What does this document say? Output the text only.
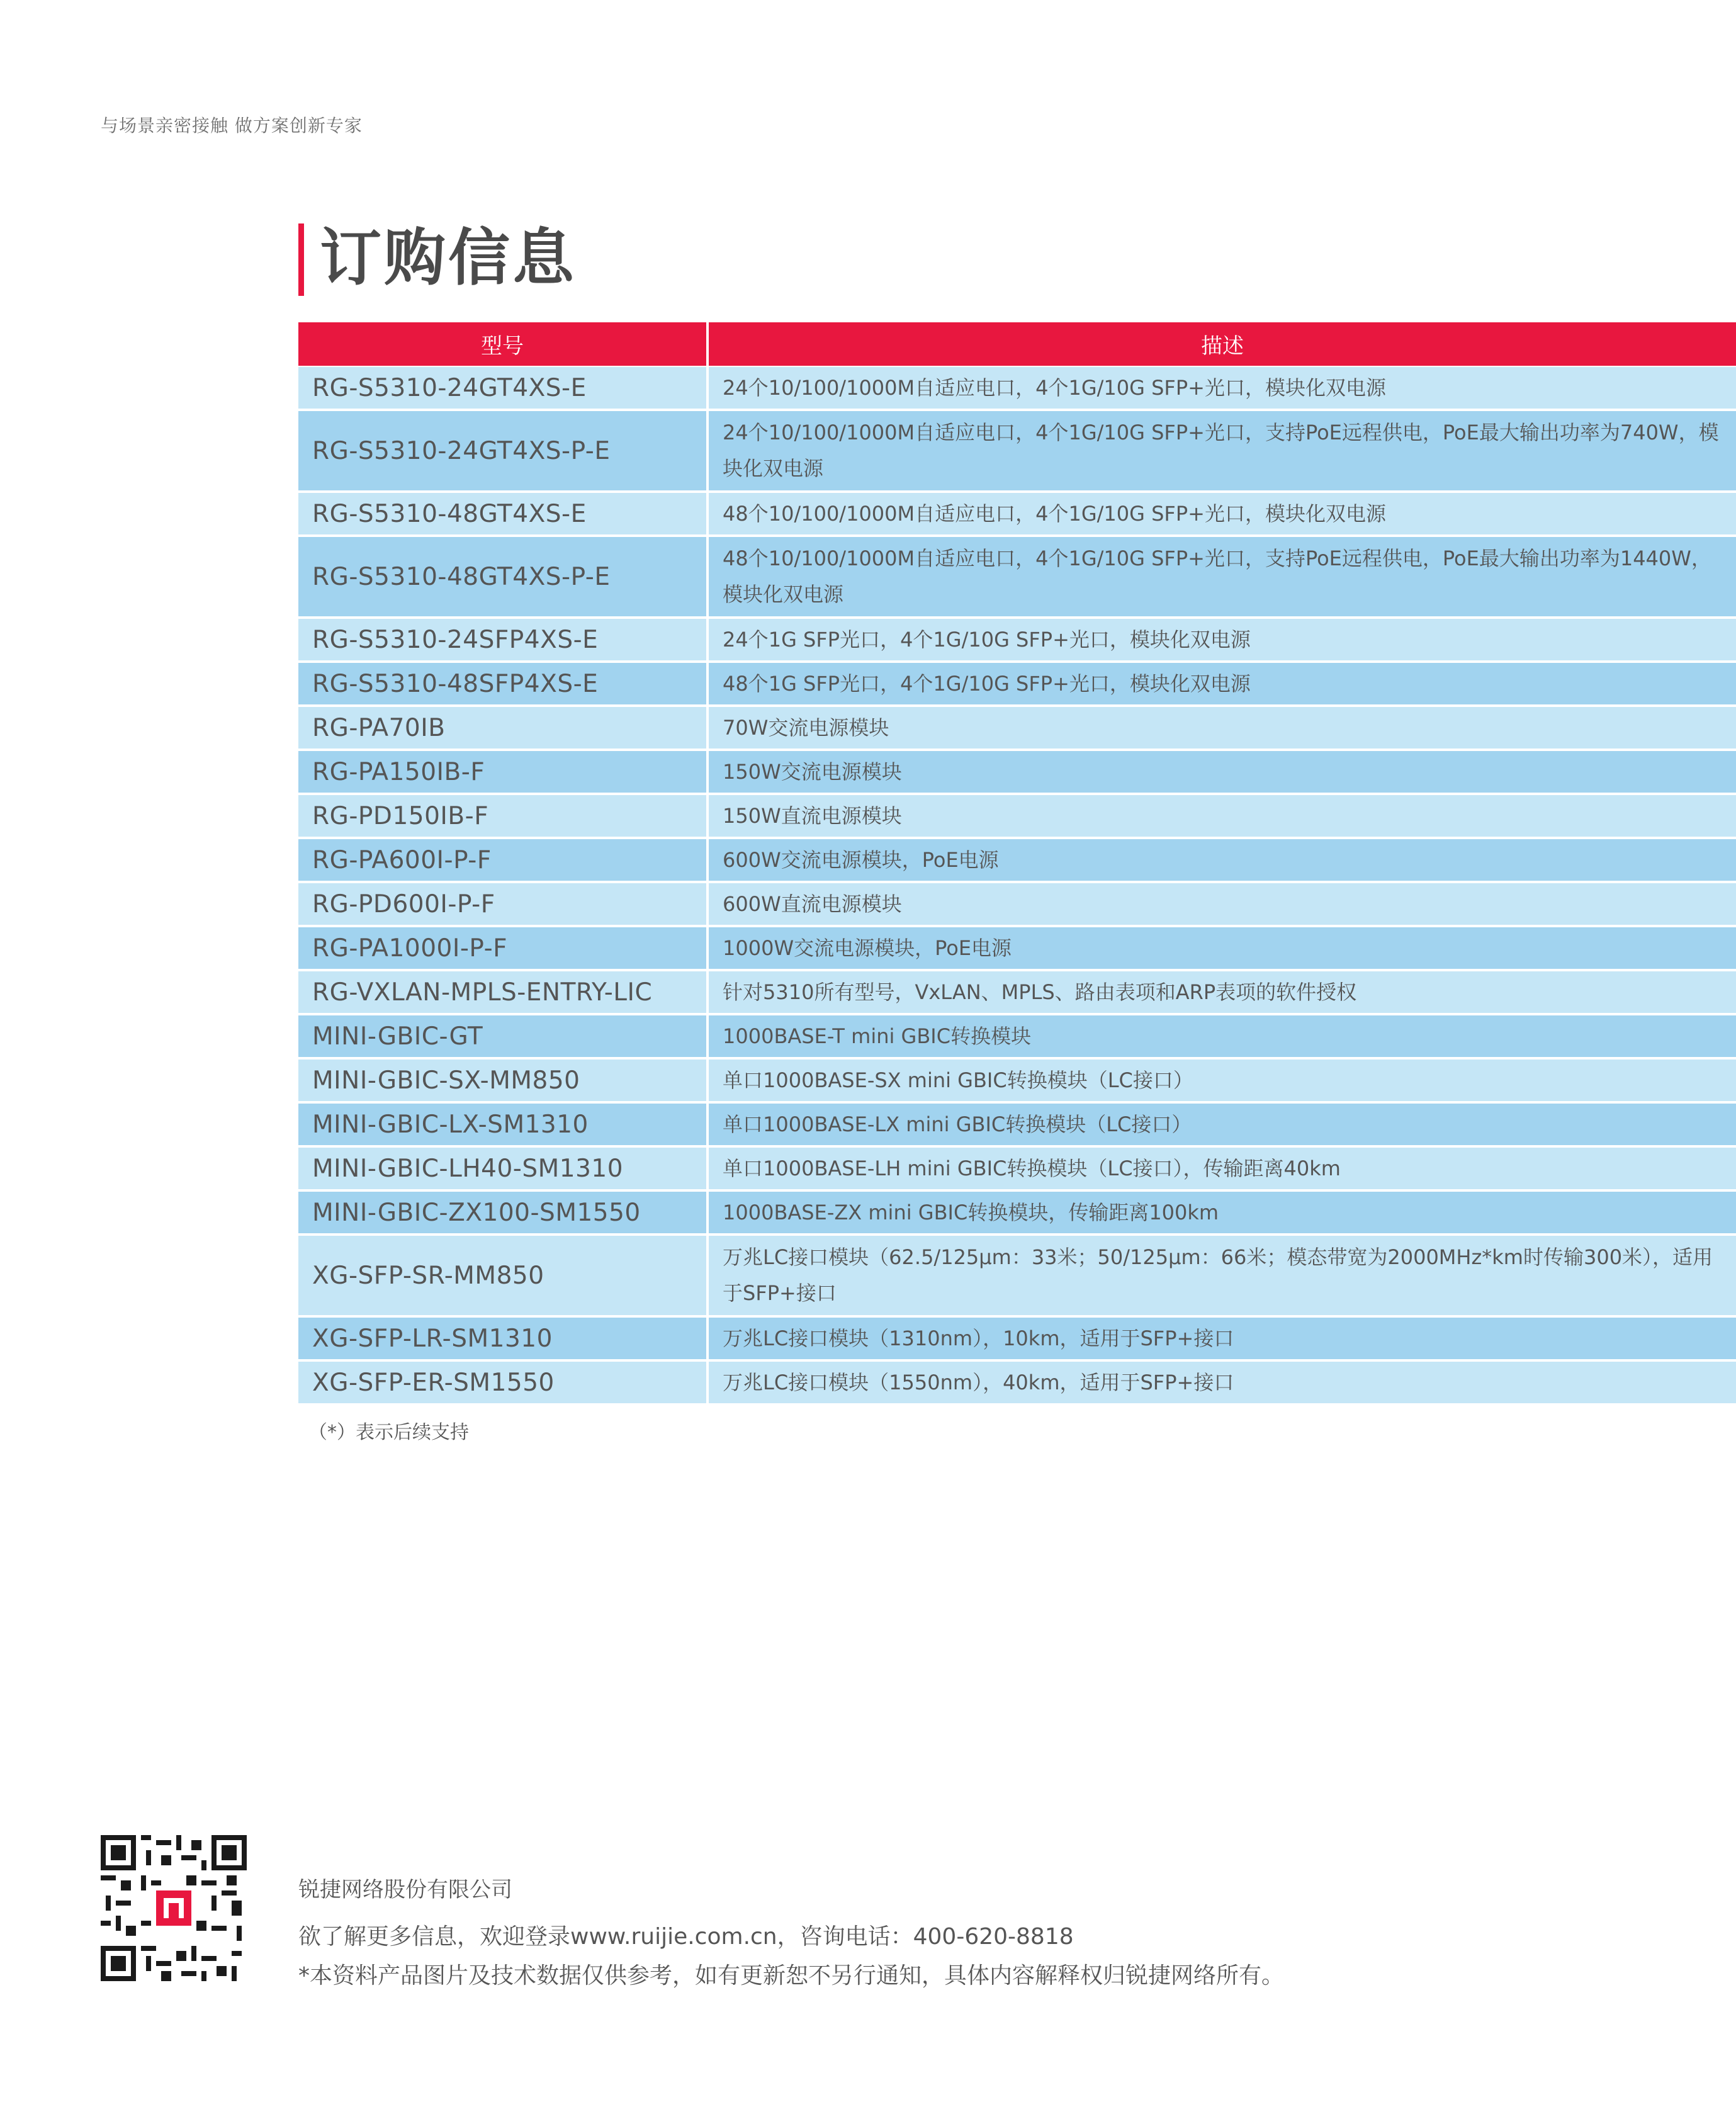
与场景亲密接触 做方案创新专家
订购信息
型号	描述
RG-S5310-24GT4XS-E	24个10/100/1000M自适应电口，4个1G/10G SFP+光口，模块化双电源
RG-S5310-24GT4XS-P-E	24个10/100/1000M自适应电口，4个1G/10G SFP+光口，支持PoE远程供电，PoE最大输出功率为740W，模块化双电源
RG-S5310-48GT4XS-E	48个10/100/1000M自适应电口，4个1G/10G SFP+光口，模块化双电源
RG-S5310-48GT4XS-P-E	48个10/100/1000M自适应电口，4个1G/10G SFP+光口，支持PoE远程供电，PoE最大输出功率为1440W，模块化双电源
RG-S5310-24SFP4XS-E	24个1G SFP光口，4个1G/10G SFP+光口，模块化双电源
RG-S5310-48SFP4XS-E	48个1G SFP光口，4个1G/10G SFP+光口，模块化双电源
RG-PA70IB	70W交流电源模块
RG-PA150IB-F	150W交流电源模块
RG-PD150IB-F	150W直流电源模块
RG-PA600I-P-F	600W交流电源模块，PoE电源
RG-PD600I-P-F	600W直流电源模块
RG-PA1000I-P-F	1000W交流电源模块，PoE电源
RG-VXLAN-MPLS-ENTRY-LIC	针对5310所有型号，VxLAN、MPLS、路由表项和ARP表项的软件授权
MINI-GBIC-GT	1000BASE-T mini GBIC转换模块
MINI-GBIC-SX-MM850	单口1000BASE-SX mini GBIC转换模块（LC接口）
MINI-GBIC-LX-SM1310	单口1000BASE-LX mini GBIC转换模块（LC接口）
MINI-GBIC-LH40-SM1310	单口1000BASE-LH mini GBIC转换模块（LC接口），传输距离40km
MINI-GBIC-ZX100-SM1550	1000BASE-ZX mini GBIC转换模块，传输距离100km
XG-SFP-SR-MM850	万兆LC接口模块（62.5/125μm：33米；50/125μm：66米；模态带宽为2000MHz*km时传输300米），适用于SFP+接口
XG-SFP-LR-SM1310	万兆LC接口模块（1310nm），10km，适用于SFP+接口
XG-SFP-ER-SM1550	万兆LC接口模块（1550nm），40km，适用于SFP+接口
（*）表示后续支持
锐捷网络股份有限公司
欲了解更多信息，欢迎登录www.ruijie.com.cn，咨询电话：400-620-8818
*本资料产品图片及技术数据仅供参考，如有更新恕不另行通知，具体内容解释权归锐捷网络所有。
